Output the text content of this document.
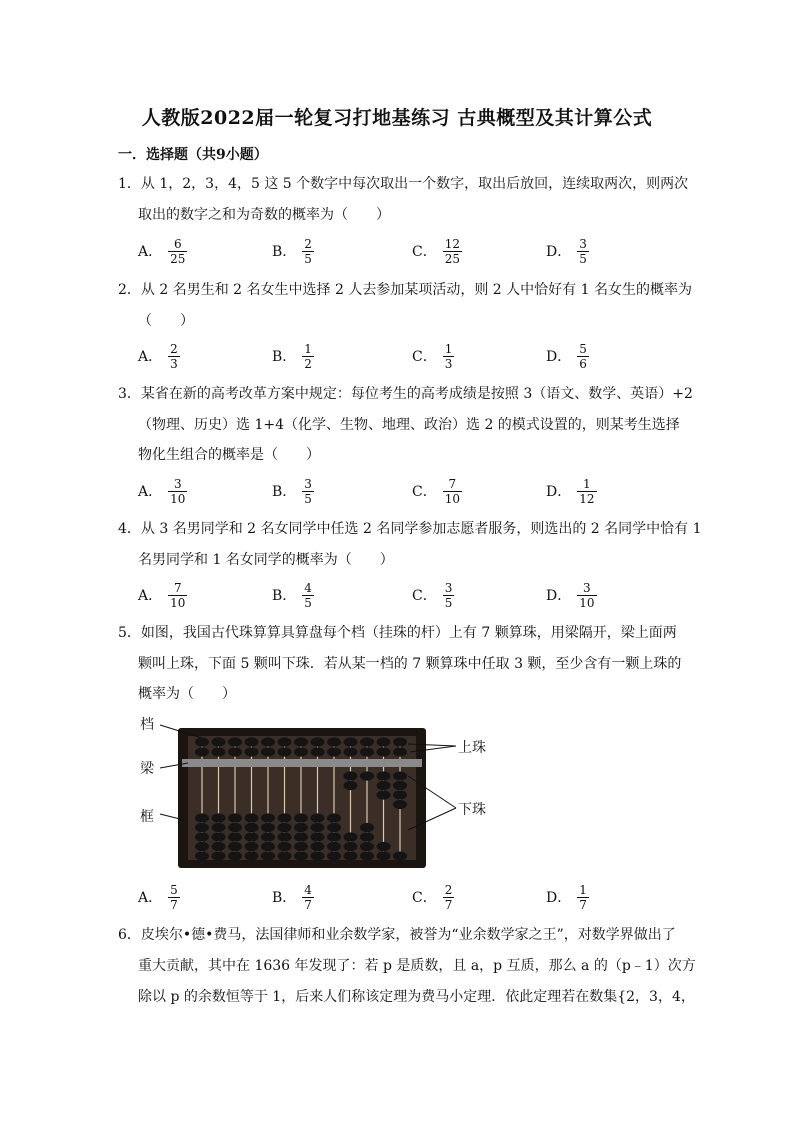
人教版2022届一轮复习打地基练习 古典概型及其计算公式
一．选择题（共9小题）
1．从 1，2，3，4，5 这 5 个数字中每次取出一个数字，取出后放回，连续取两次，则两次
取出的数字之和为奇数的概率为（　　）
A． $\frac{6}{25}$	B． $\frac{2}{5}$	C． $\frac{12}{25}$	D． $\frac{3}{5}$
2．从 2 名男生和 2 名女生中选择 2 人去参加某项活动，则 2 人中恰好有 1 名女生的概率为
（　　）
A． $\frac{2}{3}$	B． $\frac{1}{2}$	C． $\frac{1}{3}$	D． $\frac{5}{6}$
3．某省在新的高考改革方案中规定：每位考生的高考成绩是按照 3（语文、数学、英语）+2
（物理、历史）选 1+4（化学、生物、地理、政治）选 2 的模式设置的，则某考生选择
物化生组合的概率是（　　）
A． $\frac{3}{10}$	B． $\frac{3}{5}$	C． $\frac{7}{10}$	D． $\frac{1}{12}$
4．从 3 名男同学和 2 名女同学中任选 2 名同学参加志愿者服务，则选出的 2 名同学中恰有 1
名男同学和 1 名女同学的概率为（　　）
A． $\frac{7}{10}$	B． $\frac{4}{5}$	C． $\frac{3}{5}$	D． $\frac{3}{10}$
5．如图，我国古代珠算算具算盘每个档（挂珠的杆）上有 7 颗算珠，用梁隔开，梁上面两
颗叫上珠，下面 5 颗叫下珠．若从某一档的 7 颗算珠中任取 3 颗，至少含有一颗上珠的
概率为（　　）
档
梁
框
上珠
下珠
A． $\frac{5}{7}$	B． $\frac{4}{7}$	C． $\frac{2}{7}$	D． $\frac{1}{7}$
6．皮埃尔•德•费马，法国律师和业余数学家，被誉为“业余数学家之王”，对数学界做出了
重大贡献，其中在 1636 年发现了：若 p 是质数，且 a，p 互质，那么 a 的（p﹣1）次方
除以 p 的余数恒等于 1，后来人们称该定理为费马小定理．依此定理若在数集{2，3，4，
